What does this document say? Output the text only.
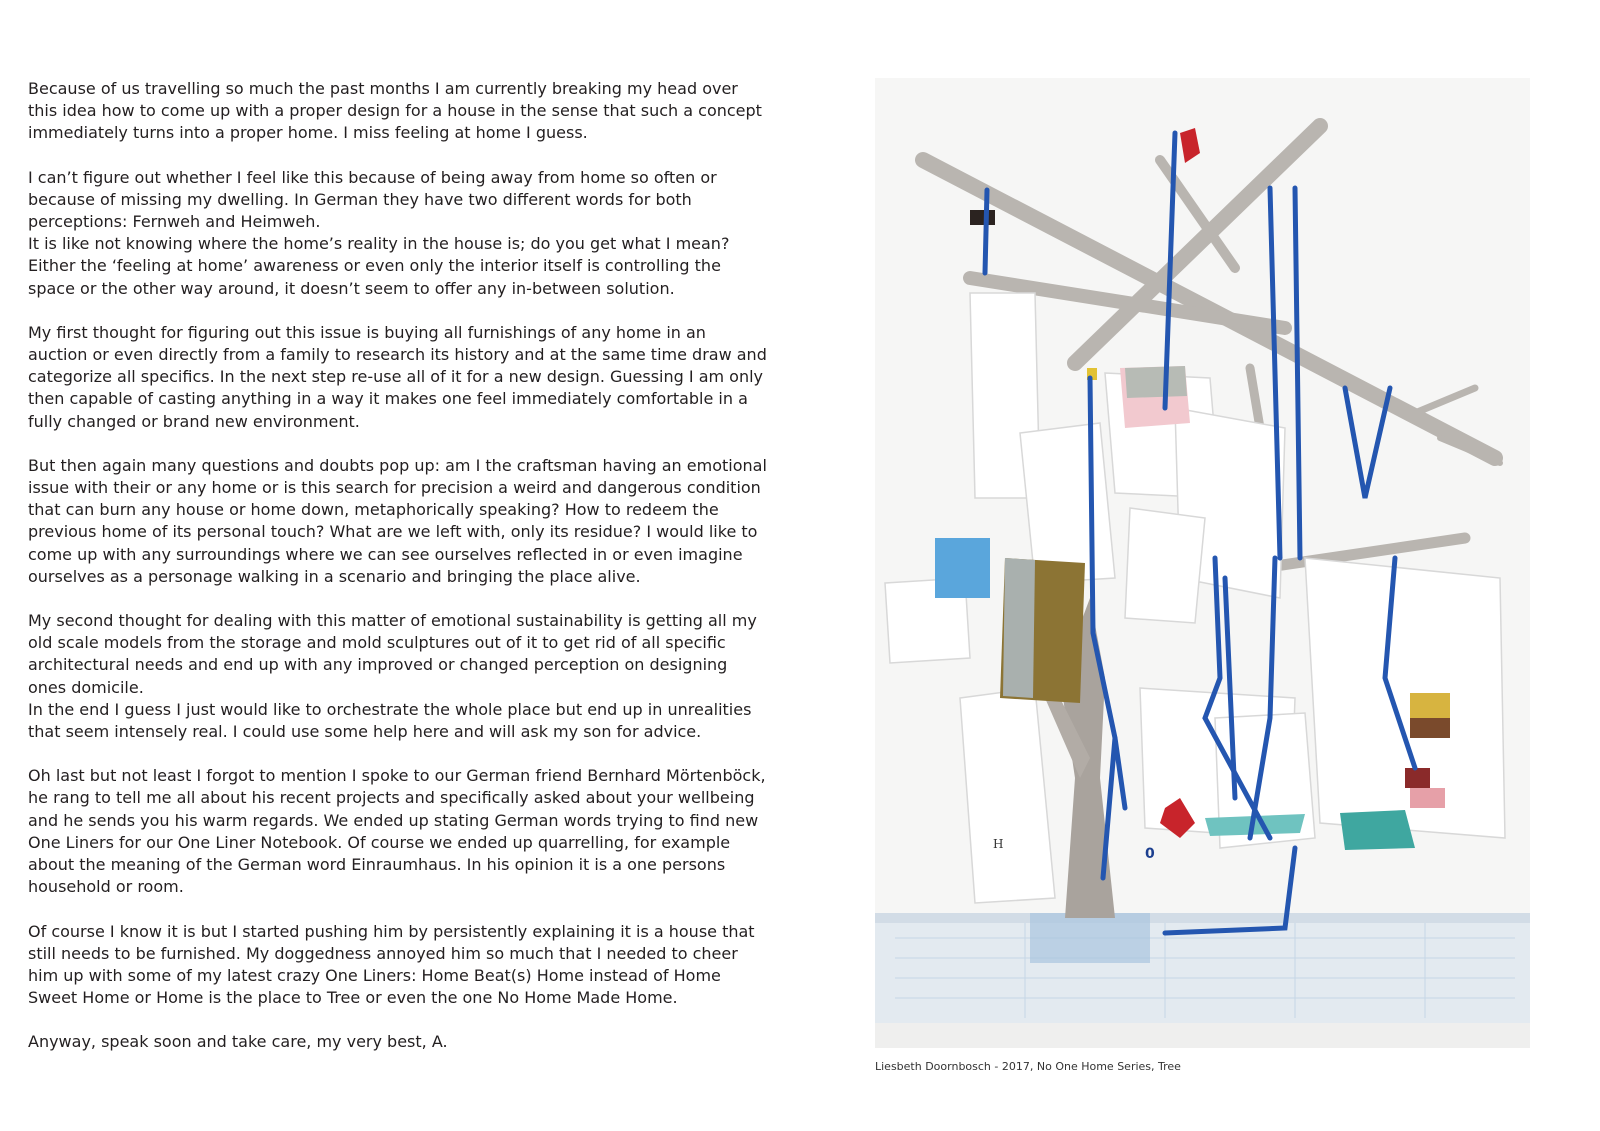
Because of us travelling so much the past months I am currently breaking my head over this idea how to come up with a proper design for a house in the sense that such a concept immediately turns into a proper home. I miss feeling at home I guess.

I can’t figure out whether I feel like this because of being away from home so often or because of missing my dwelling. In German they have two different words for both perceptions: Fernweh and Heimweh.

It is like not knowing where the home’s reality in the house is; do you get what I mean? Either the ‘feeling at home’ awareness or even only the interior itself is controlling the space or the other way around, it doesn’t seem to offer any in-between solution.

My first thought for figuring out this issue is buying all furnishings of any home in an auction or even directly from a family to research its history and at the same time draw and categorize all specifics. In the next step re-use all of it for a new design. Guessing I am only then capable of casting anything in a way it makes one feel immediately comfortable in a fully changed or brand new environment.

But then again many questions and doubts pop up: am I the craftsman having an emotional issue with their or any home or is this search for precision a weird and dangerous condition that can burn any house or home down, metaphorically speaking? How to redeem the previous home of its personal touch? What are we left with, only its residue? I would like to come up with any surroundings where we can see ourselves reflected in or even imagine ourselves as a personage walking in a scenario and bringing the place alive.

My second thought for dealing with this matter of emotional sustainability is getting all my old scale models from the storage and mold sculptures out of it to get rid of all specific architectural needs and end up with any improved or changed perception on designing ones domicile.

In the end I guess I just would like to orchestrate the whole place but end up in unrealities that seem intensely real. I could use some help here and will ask my son for advice.

Oh last but not least I forgot to mention I spoke to our German friend Bernhard Mörtenböck, he rang to tell me all about his recent projects and specifically asked about your wellbeing and he sends you his warm regards. We ended up stating German words trying to find new One Liners for our One Liner Notebook. Of course we ended up quarrelling, for example about the meaning of the German word Einraumhaus. In his opinion it is a one persons household or room.

Of course I know it is but I started pushing him by persistently explaining it is a house that still needs to be furnished. My doggedness annoyed him so much that I needed to cheer him up with some of my latest crazy One Liners: Home Beat(s) Home instead of Home Sweet Home or Home is the place to Tree or even the one No Home Made Home.

Anyway, speak soon and take care, my very best, A.

H
0
Liesbeth Doornbosch - 2017, No One Home Series, Tree
